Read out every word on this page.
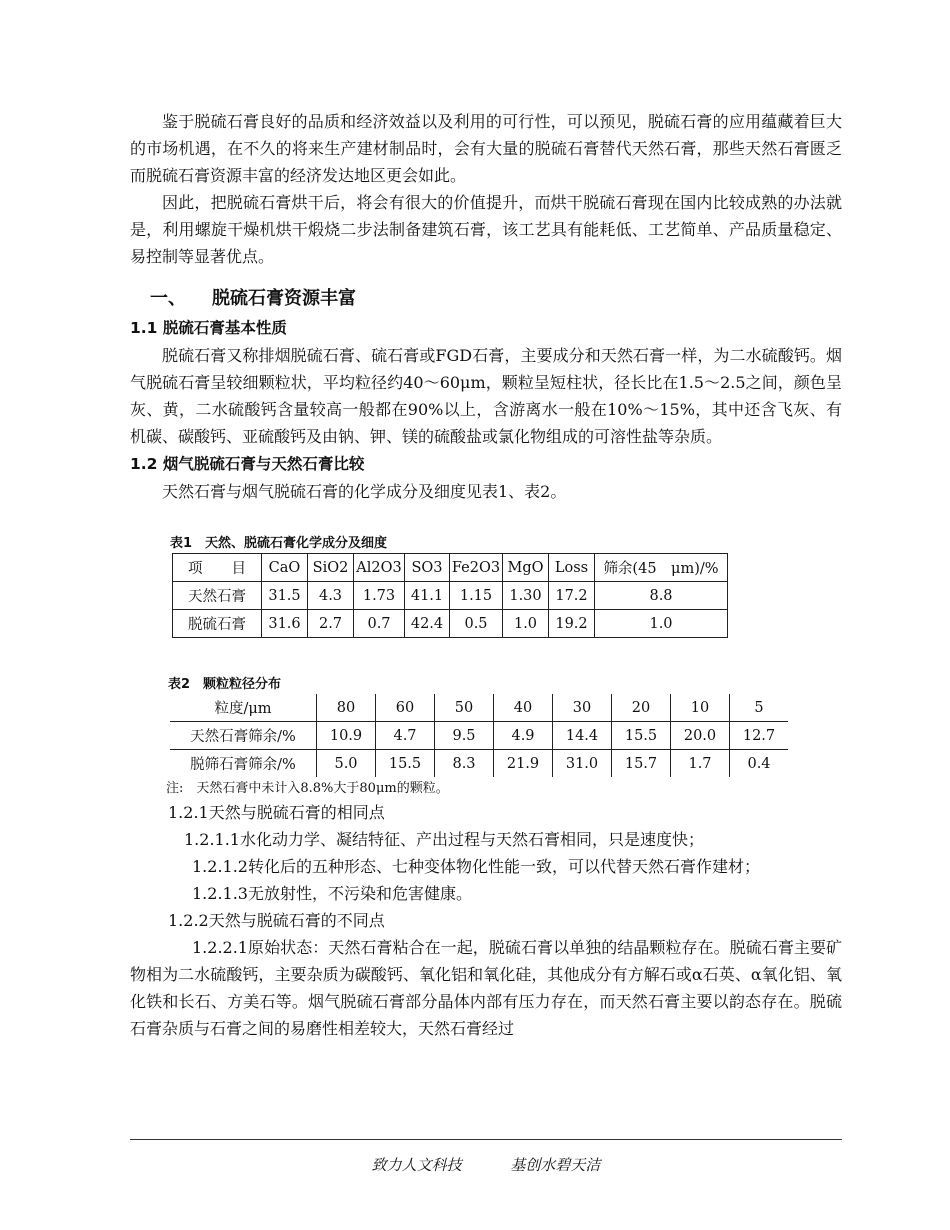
鉴于脱硫石膏良好的品质和经济效益以及利用的可行性，可以预见，脱硫石膏的应用蕴藏着巨大的市场机遇，在不久的将来生产建材制品时，会有大量的脱硫石膏替代天然石膏，那些天然石膏匮乏而脱硫石膏资源丰富的经济发达地区更会如此。

因此，把脱硫石膏烘干后，将会有很大的价值提升，而烘干脱硫石膏现在国内比较成熟的办法就是，利用螺旋干燥机烘干煅烧二步法制备建筑石膏，该工艺具有能耗低、工艺简单、产品质量稳定、易控制等显著优点。

一、 脱硫石膏资源丰富
1.1 脱硫石膏基本性质

脱硫石膏又称排烟脱硫石膏、硫石膏或FGD石膏，主要成分和天然石膏一样，为二水硫酸钙。烟气脱硫石膏呈较细颗粒状，平均粒径约40～60μm，颗粒呈短柱状，径长比在1.5～2.5之间，颜色呈灰、黄，二水硫酸钙含量较高一般都在90%以上，含游离水一般在10%～15%，其中还含飞灰、有机碳、碳酸钙、亚硫酸钙及由钠、钾、镁的硫酸盐或氯化物组成的可溶性盐等杂质。

1.2 烟气脱硫石膏与天然石膏比较

天然石膏与烟气脱硫石膏的化学成分及细度见表1、表2。

表1　天然、脱硫石膏化学成分及细度
项　　目	CaO	SiO2	Al2O3	SO3	Fe2O3	MgO	Loss	筛余(45　μm)/%
天然石膏	31.5	4.3	1.73	41.1	1.15	1.30	17.2	8.8
脱硫石膏	31.6	2.7	0.7	42.4	0.5	1.0	19.2	1.0
表2　颗粒粒径分布
粒度/μm	80	60	50	40	30	20	10	5
天然石膏筛余/%	10.9	4.7	9.5	4.9	14.4	15.5	20.0	12.7
脱筛石膏筛余/%	5.0	15.5	8.3	21.9	31.0	15.7	1.7	0.4
注:　天然石膏中未计入8.8%大于80μm的颗粒。
1.2.1天然与脱硫石膏的相同点
1.2.1.1水化动力学、凝结特征、产出过程与天然石膏相同，只是速度快；
1.2.1.2转化后的五种形态、七种变体物化性能一致，可以代替天然石膏作建材；
1.2.1.3无放射性，不污染和危害健康。
1.2.2天然与脱硫石膏的不同点

1.2.2.1原始状态：天然石膏粘合在一起，脱硫石膏以单独的结晶颗粒存在。脱硫石膏主要矿物相为二水硫酸钙，主要杂质为碳酸钙、氧化铝和氧化硅，其他成分有方解石或α石英、α氧化铝、氧化铁和长石、方美石等。烟气脱硫石膏部分晶体内部有压力存在，而天然石膏主要以韵态存在。脱硫石膏杂质与石膏之间的易磨性相差较大，天然石膏经过

致力人文科技	基创水碧天洁
